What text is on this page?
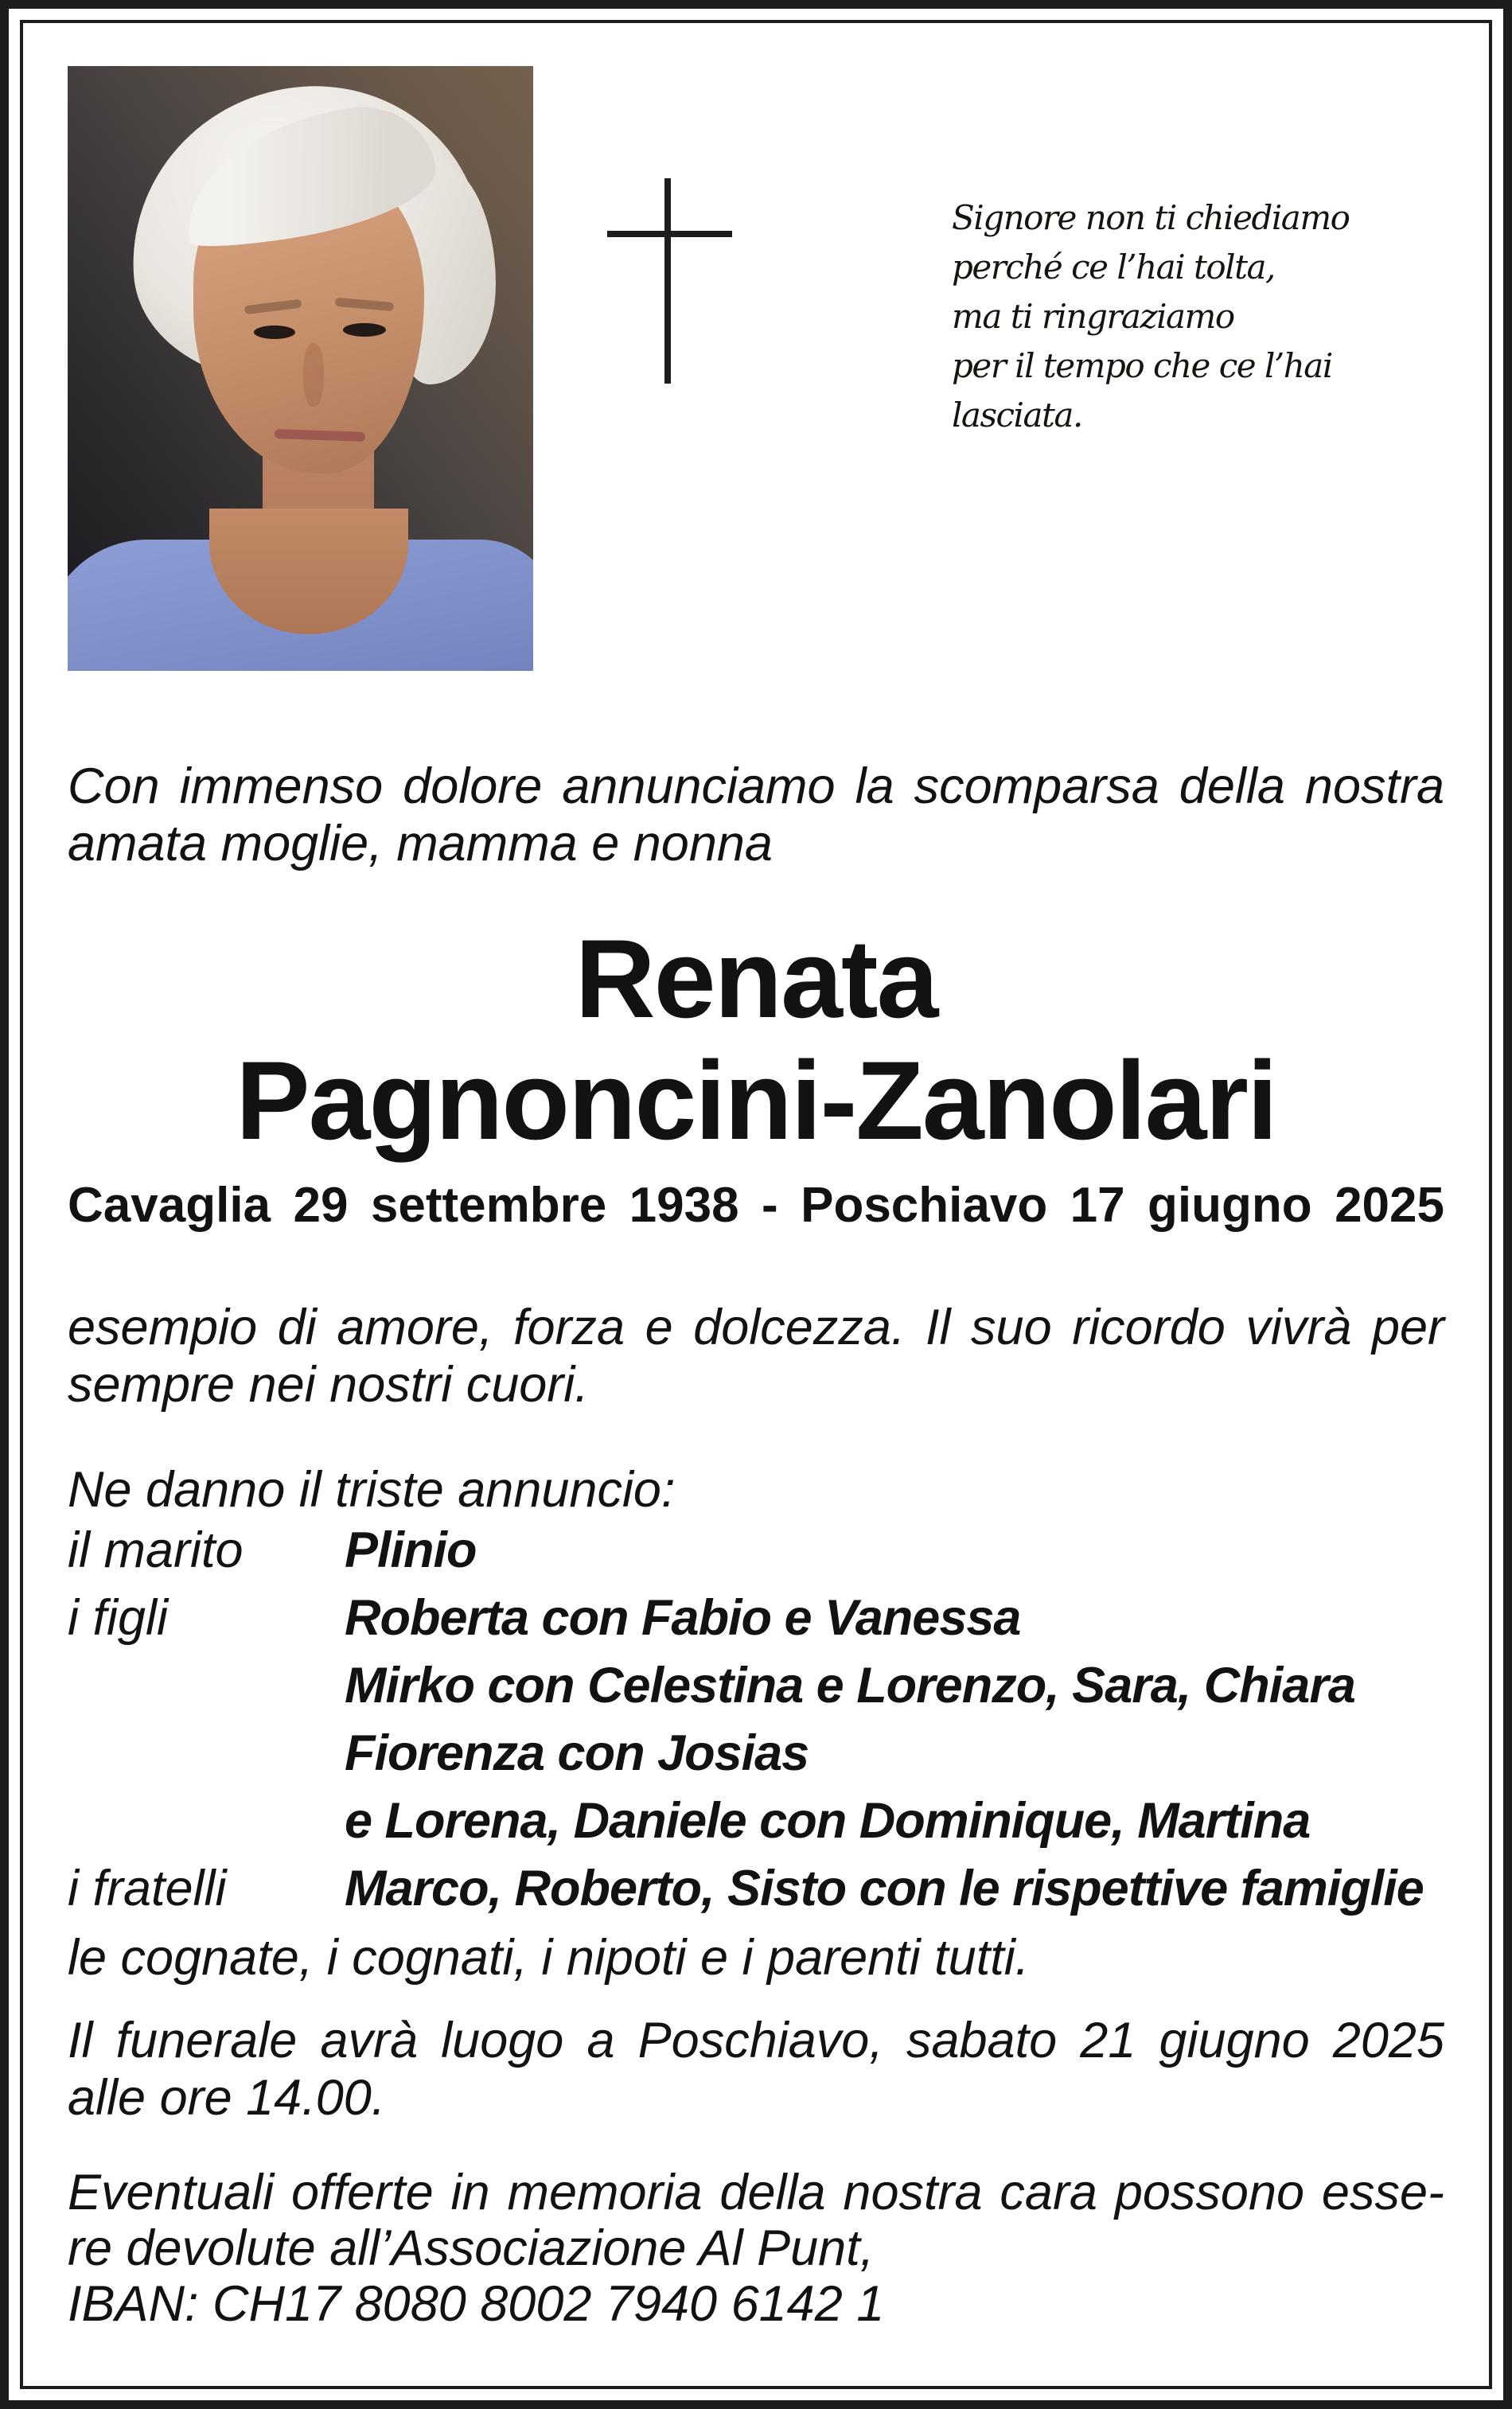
Signore non ti chiediamo
perché ce l’hai tolta,
ma ti ringraziamo
per il tempo che ce l’hai lasciata.
Con immenso dolore annunciamo la scomparsa della nostra
amata moglie, mamma e nonna
Renata
Pagnoncini-Zanolari
Cavaglia 29 settembre 1938 - Poschiavo 17 giugno 2025
esempio di amore, forza e dolcezza. Il suo ricordo vivrà per
sempre nei nostri cuori.
Ne danno il triste annuncio:
il marito	Plinio
i figli	Roberta con Fabio e Vanessa
Mirko con Celestina e Lorenzo, Sara, Chiara
Fiorenza con Josias
e Lorena, Daniele con Dominique, Martina
i fratelli	Marco, Roberto, Sisto con le rispettive famiglie
le cognate, i cognati, i nipoti e i parenti tutti.
Il funerale avrà luogo a Poschiavo, sabato 21 giugno 2025
alle ore 14.00.
Eventuali offerte in memoria della nostra cara possono esse-
re devolute all’Associazione Al Punt,
IBAN: CH17 8080 8002 7940 6142 1
